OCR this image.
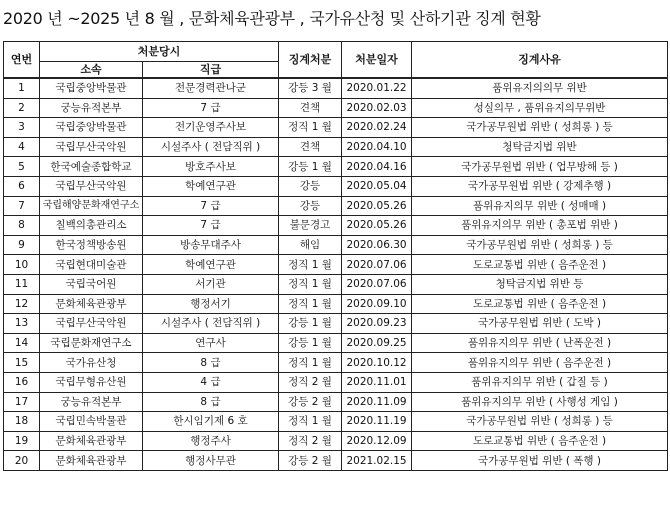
2020 년 ~2025 년 8 월 , 문화체육관광부 , 국가유산청 및 산하기관 징계 현황
연번	처분당시		징계처분	처분일자	징계사유
	소속	직급			
1	국립중앙박물관	전문경력관나군	강등 3 월	2020.01.22	품위유지의의무 위반
2	궁능유적본부	7 급	견책	2020.02.03	성실의무 , 품위유지의무위반
3	국립중앙박물관	전기운영주사보	정직 1 월	2020.02.24	국가공무원법 위반 ( 성희롱 ) 등
4	국립무산국악원	시설주사 ( 전담직위 )	견책	2020.04.10	청탁금지법 위반
5	한국예술종합학교	방호주사보	강등 1 월	2020.04.16	국가공무원법 위반 ( 업무방해 등 )
6	국립무산국악원	학예연구관	강등	2020.05.04	국가공무원법 위반 ( 강제추행 )
7	국립해양문화재연구소	7 급	강등	2020.05.26	품위유지의무 위반 ( 성매매 )
8	칠백의총관리소	7 급	불문경고	2020.05.26	품위유지의무 위반 ( 총포법 위반 )
9	한국정책방송원	방송무대주사	해임	2020.06.30	국가공무원법 위반 ( 성희롱 ) 등
10	국립현대미술관	학예연구관	정직 1 월	2020.07.06	도로교통법 위반 ( 음주운전 )
11	국립국어원	서기관	정직 1 월	2020.07.06	청탁금지법 위반 등
12	문화체육관광부	행정서기	정직 1 월	2020.09.10	도로교통법 위반 ( 음주운전 )
13	국립무산국악원	시설주사 ( 전담직위 )	강등 1 월	2020.09.23	국가공무원법 위반 ( 도박 )
14	국립문화재연구소	연구사	강등 1 월	2020.09.25	품위유지의무 위반 ( 난폭운전 )
15	국가유산청	8 급	정직 1 월	2020.10.12	품위유지의무 위반 ( 음주운전 )
16	국립무형유산원	4 급	정직 2 월	2020.11.01	품위유지의무 위반 ( 갑질 등 )
17	궁능유적본부	8 급	강등 2 월	2020.11.09	품위유지의무 위반 ( 사행성 게임 )
18	국립민속박물관	한시임기제 6 호	정직 1 월	2020.11.19	국가공무원법 위반 ( 성희롱 ) 등
19	문화체육관광부	행정주사	정직 2 월	2020.12.09	도로교통법 위반 ( 음주운전 )
20	문화체육관광부	행정사무관	강등 2 월	2021.02.15	국가공무원법 위반 ( 폭행 )
